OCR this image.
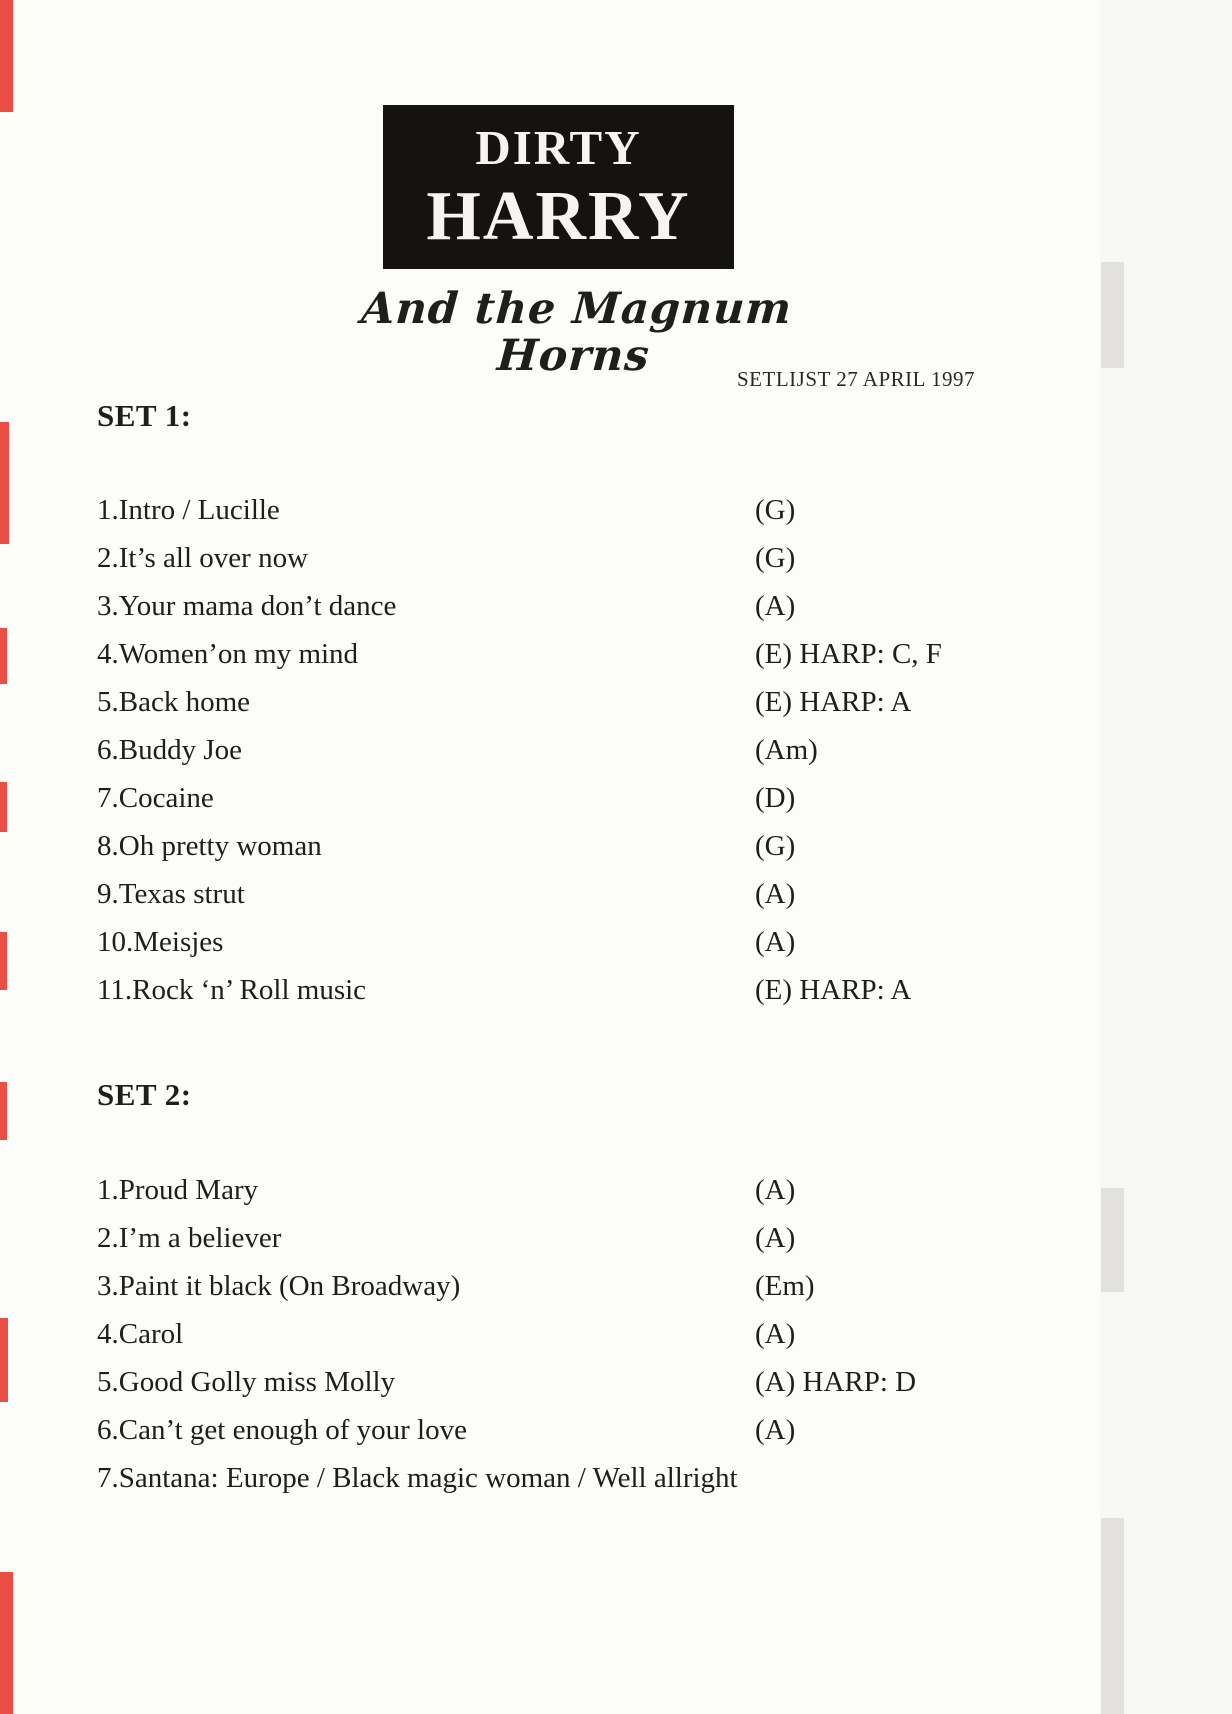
DIRTY
HARRY
And the Magnum Horns	SETLIJST 27 APRIL 1997
SET 1:
1.Intro / Lucille	(G)
2.It’s all over now	(G)
3.Your mama don’t dance	(A)
4.Women’on my mind	(E) HARP: C, F
5.Back home	(E) HARP: A
6.Buddy Joe	(Am)
7.Cocaine	(D)
8.Oh pretty woman	(G)
9.Texas strut	(A)
10.Meisjes	(A)
11.Rock ‘n’ Roll music	(E) HARP: A
SET 2:
1.Proud Mary	(A)
2.I’m a believer	(A)
3.Paint it black (On Broadway)	(Em)
4.Carol	(A)
5.Good Golly miss Molly	(A) HARP: D
6.Can’t get enough of your love	(A)
7.Santana: Europe / Black magic woman / Well allright
